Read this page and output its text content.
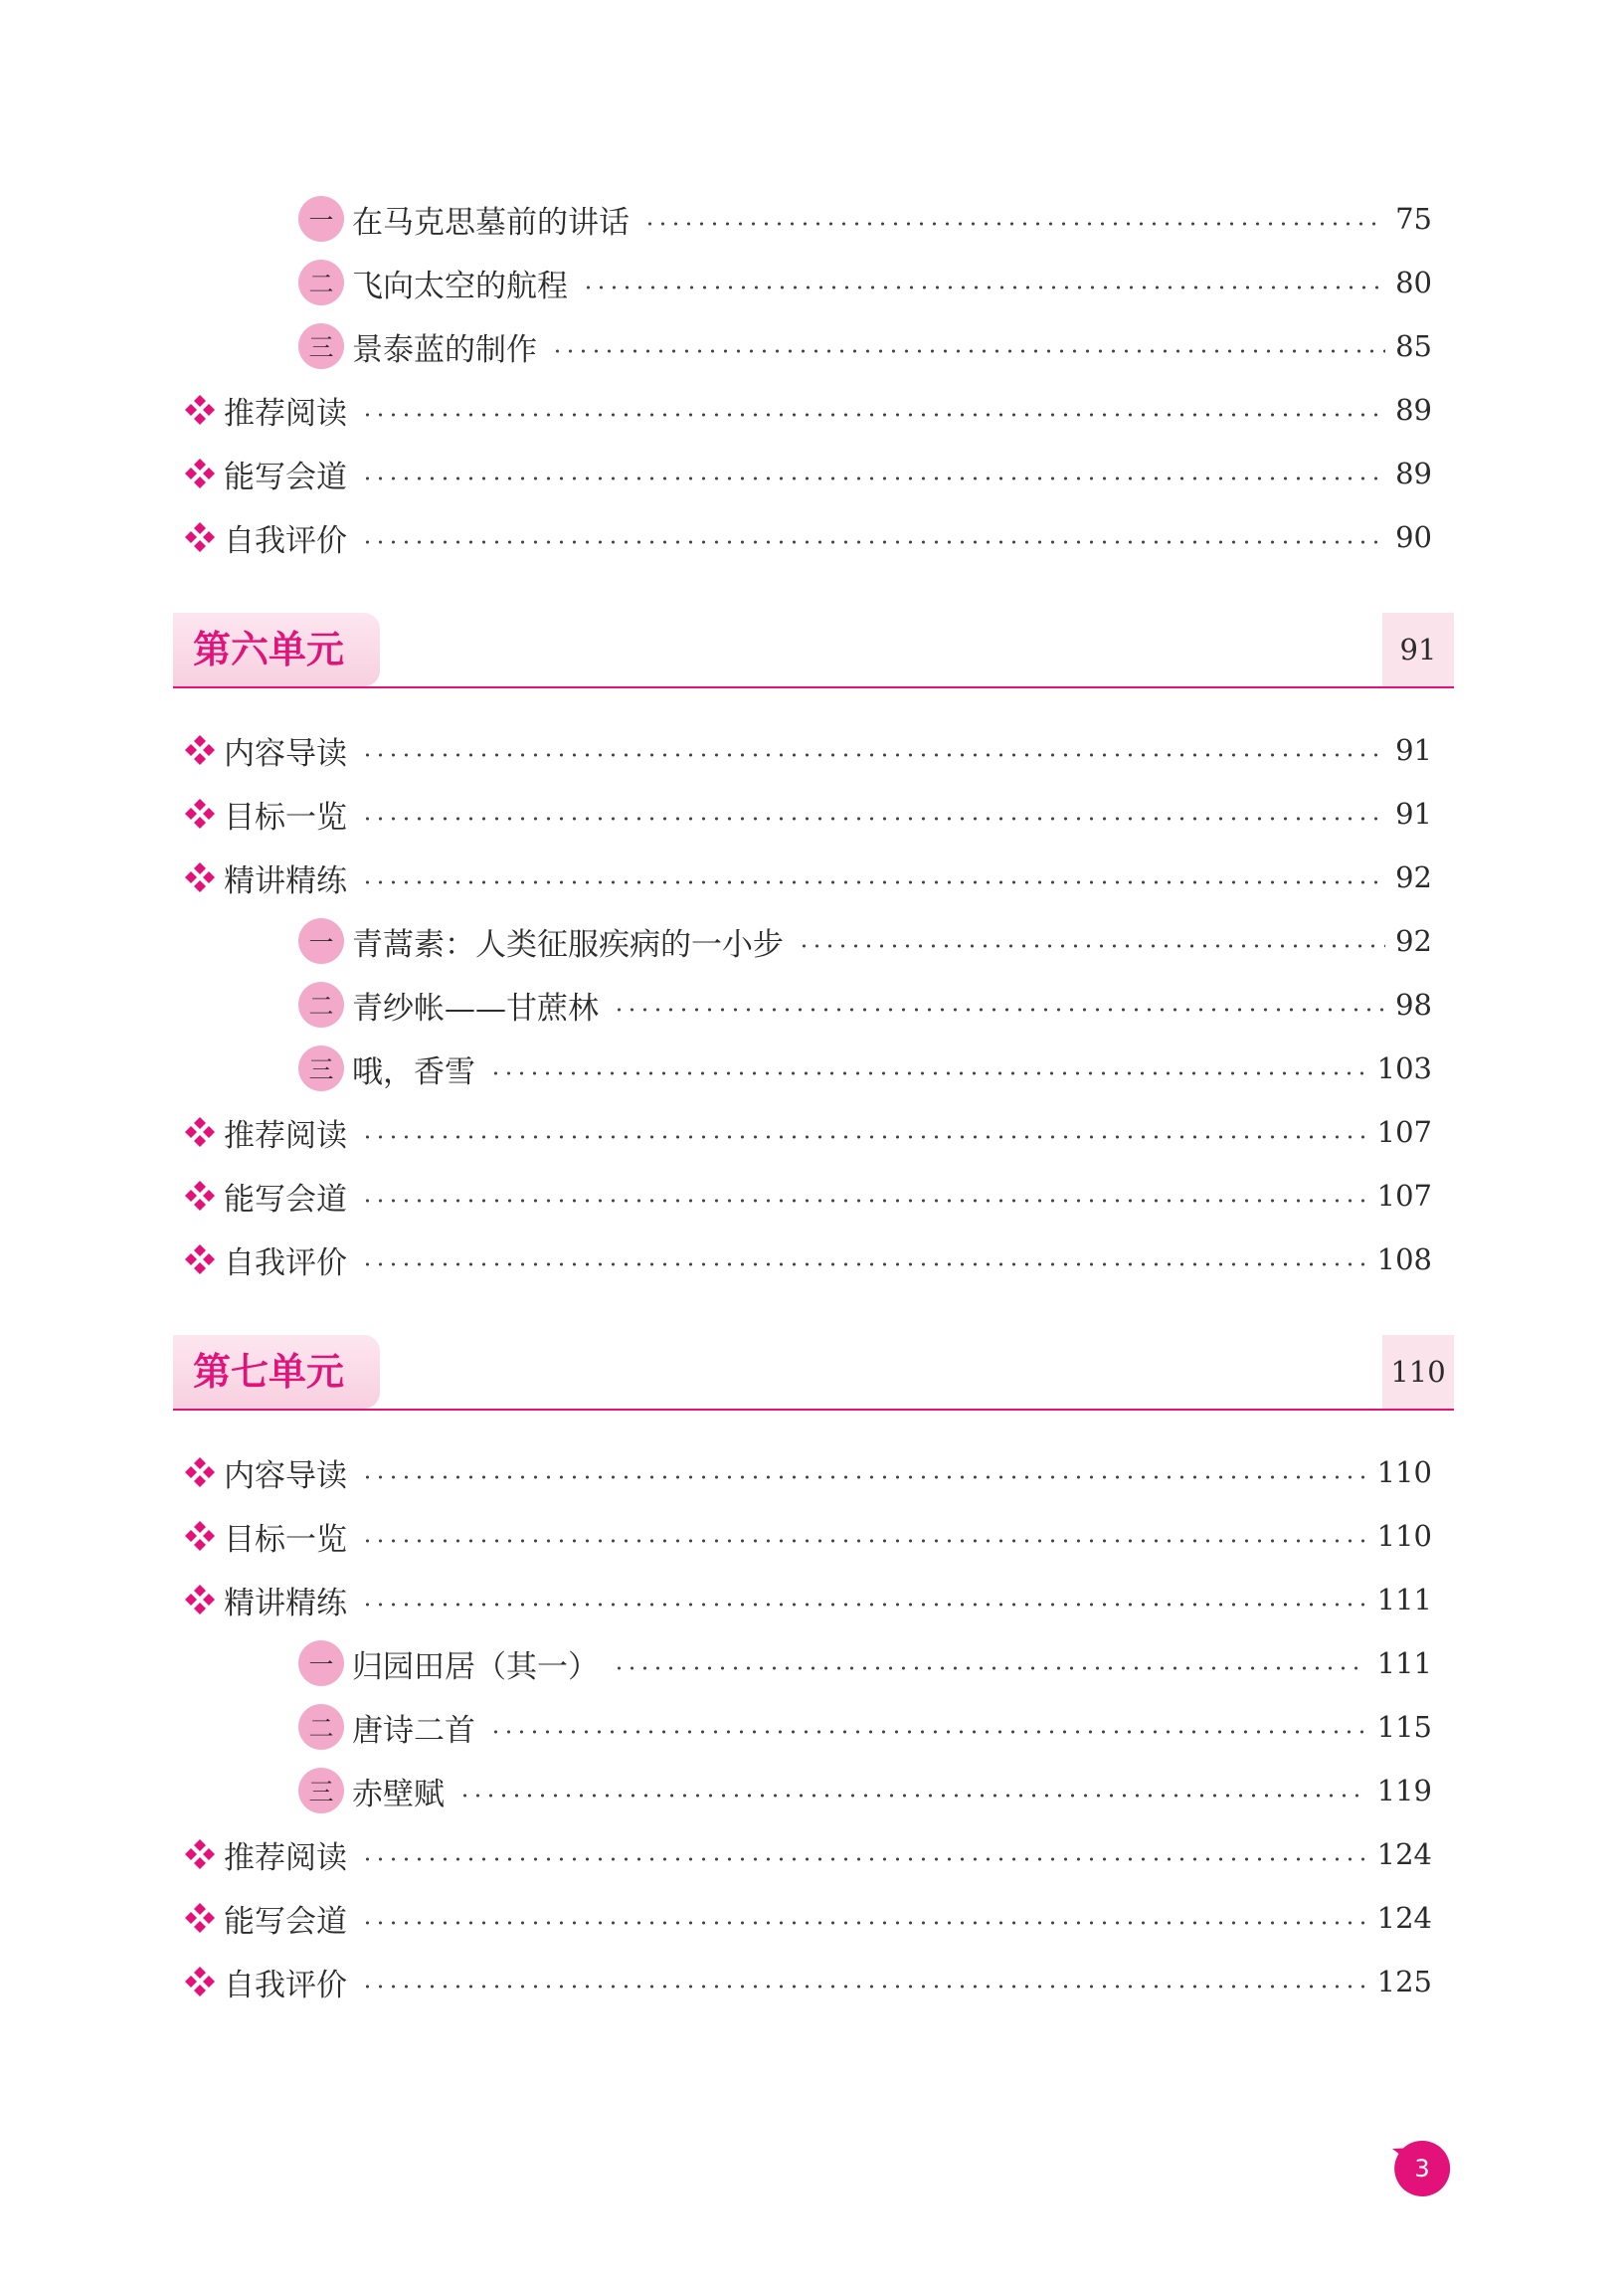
一 在马克思墓前的讲话	75
二 飞向太空的航程	80
三 景泰蓝的制作	85
推荐阅读	89
能写会道	89
自我评价	90
第六单元	91
内容导读	91
目标一览	91
精讲精练	92
一 青蒿素：人类征服疾病的一小步	92
二 青纱帐——甘蔗林	98
三 哦，香雪	103
推荐阅读	107
能写会道	107
自我评价	108
第七单元	110
内容导读	110
目标一览	110
精讲精练	111
一 归园田居（其一）	111
二 唐诗二首	115
三 赤壁赋	119
推荐阅读	124
能写会道	124
自我评价	125
3
